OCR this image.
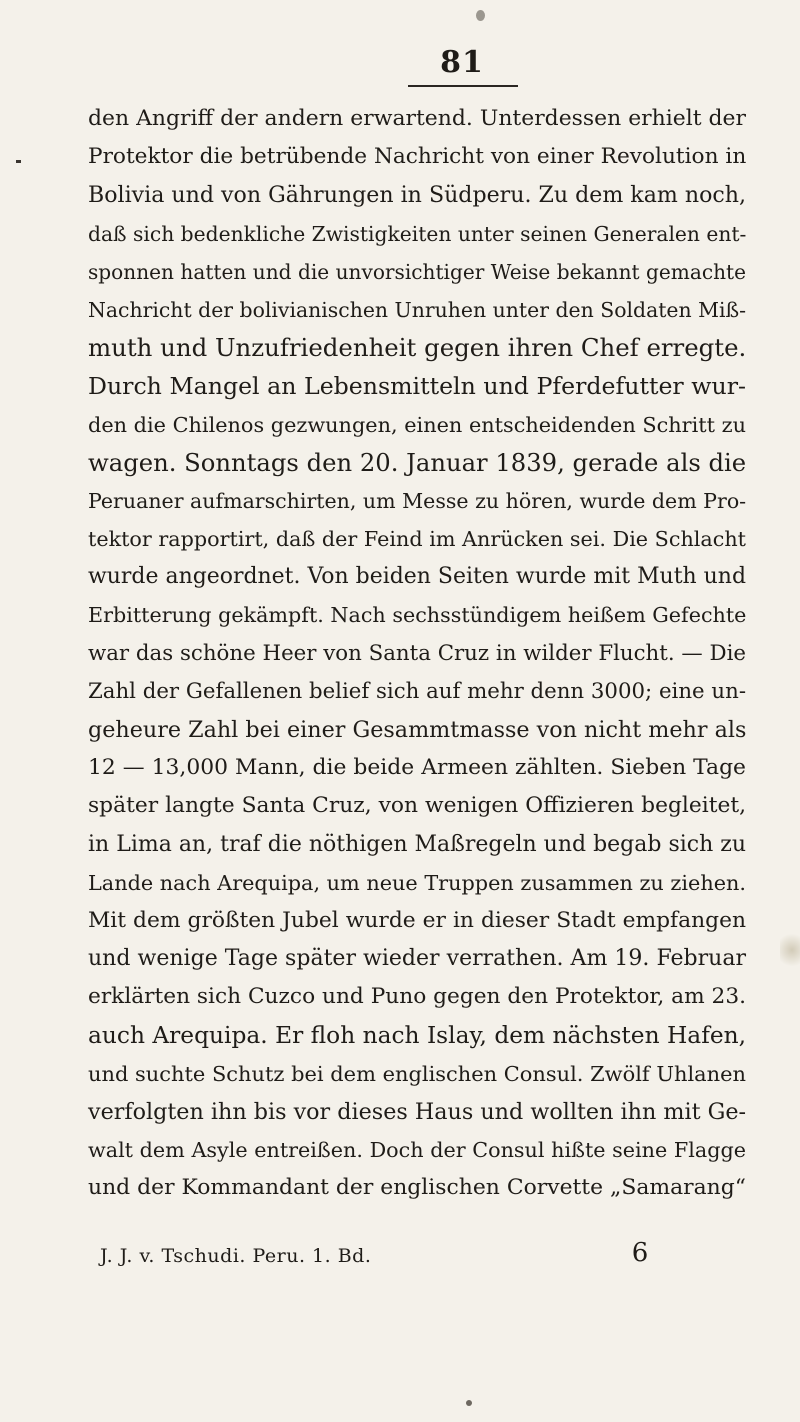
81
den Angriff der andern erwartend. Unterdessen erhielt der
Protektor die betrübende Nachricht von einer Revolution in
Bolivia und von Gährungen in Südperu. Zu dem kam noch,
daß sich bedenkliche Zwistigkeiten unter seinen Generalen ent-
sponnen hatten und die unvorsichtiger Weise bekannt gemachte
Nachricht der bolivianischen Unruhen unter den Soldaten Miß-
muth und Unzufriedenheit gegen ihren Chef erregte.
Durch Mangel an Lebensmitteln und Pferdefutter wur-
den die Chilenos gezwungen, einen entscheidenden Schritt zu
wagen. Sonntags den 20. Januar 1839, gerade als die
Peruaner aufmarschirten, um Messe zu hören, wurde dem Pro-
tektor rapportirt, daß der Feind im Anrücken sei. Die Schlacht
wurde angeordnet. Von beiden Seiten wurde mit Muth und
Erbitterung gekämpft. Nach sechsstündigem heißem Gefechte
war das schöne Heer von Santa Cruz in wilder Flucht. — Die
Zahl der Gefallenen belief sich auf mehr denn 3000; eine un-
geheure Zahl bei einer Gesammtmasse von nicht mehr als
12 — 13,000 Mann, die beide Armeen zählten. Sieben Tage
später langte Santa Cruz, von wenigen Offizieren begleitet,
in Lima an, traf die nöthigen Maßregeln und begab sich zu
Lande nach Arequipa, um neue Truppen zusammen zu ziehen.
Mit dem größten Jubel wurde er in dieser Stadt empfangen
und wenige Tage später wieder verrathen. Am 19. Februar
erklärten sich Cuzco und Puno gegen den Protektor, am 23.
auch Arequipa. Er floh nach Islay, dem nächsten Hafen,
und suchte Schutz bei dem englischen Consul. Zwölf Uhlanen
verfolgten ihn bis vor dieses Haus und wollten ihn mit Ge-
walt dem Asyle entreißen. Doch der Consul hißte seine Flagge
und der Kommandant der englischen Corvette „Samarang“
J. J. v. Tschudi. Peru. 1. Bd.	6
